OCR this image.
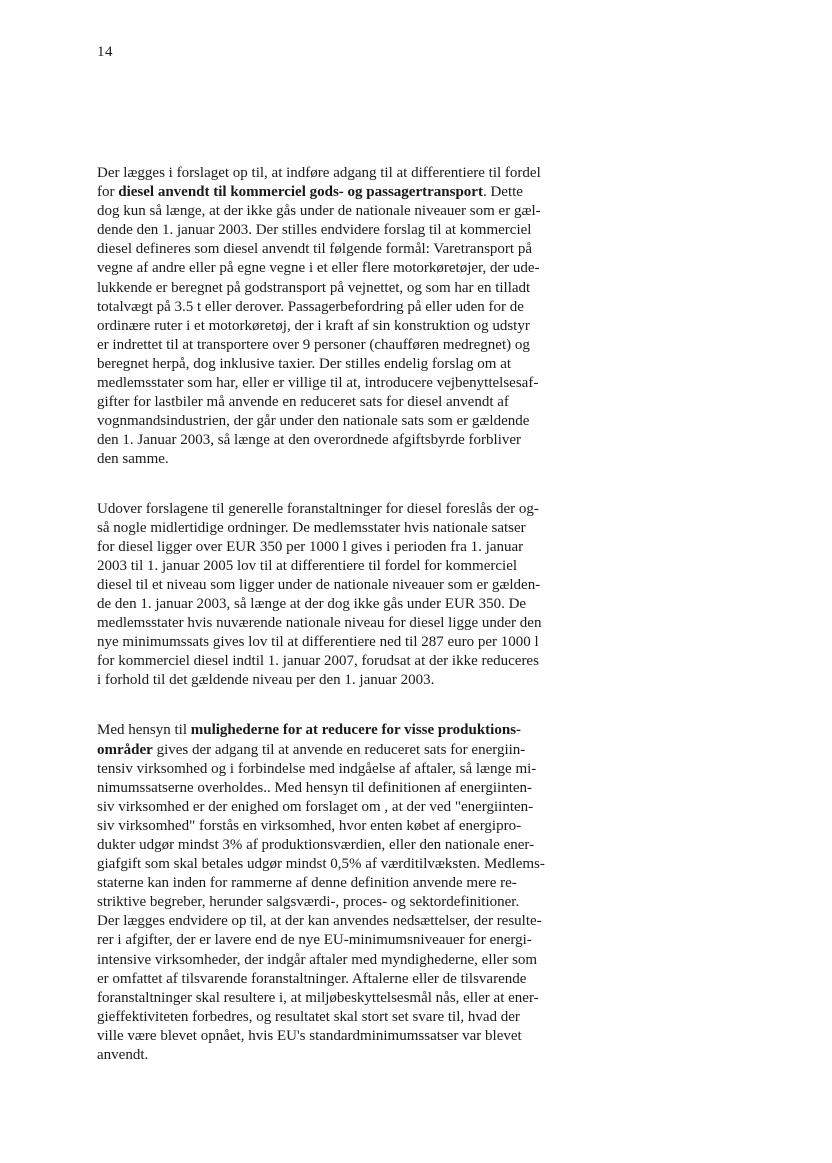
14
Der lægges i forslaget op til, at indføre adgang til at differentiere til fordel
for diesel anvendt til kommerciel gods- og passagertransport. Dette
dog kun så længe, at der ikke gås under de nationale niveauer som er gæl-
dende den 1. januar 2003. Der stilles endvidere forslag til at kommerciel
diesel defineres som diesel anvendt til følgende formål: Varetransport på
vegne af andre eller på egne vegne i et eller flere motorkøretøjer, der ude-
lukkende er beregnet på godstransport på vejnettet, og som har en tilladt
totalvægt på 3.5 t eller derover. Passagerbefordring på eller uden for de
ordinære ruter i et motorkøretøj, der i kraft af sin konstruktion og udstyr
er indrettet til at transportere over 9 personer (chaufføren medregnet) og
beregnet herpå, dog inklusive taxier. Der stilles endelig forslag om at
medlemsstater som har, eller er villige til at, introducere vejbenyttelsesaf-
gifter for lastbiler må anvende en reduceret sats for diesel anvendt af
vognmandsindustrien, der går under den nationale sats som er gældende
den 1. Januar 2003, så længe at den overordnede afgiftsbyrde forbliver
den samme.
Udover forslagene til generelle foranstaltninger for diesel foreslås der og-
så nogle midlertidige ordninger. De medlemsstater hvis nationale satser
for diesel ligger over EUR 350 per 1000 l gives i perioden fra 1. januar
2003 til 1. januar 2005 lov til at differentiere til fordel for kommerciel
diesel til et niveau som ligger under de nationale niveauer som er gælden-
de den 1. januar 2003, så længe at der dog ikke gås under EUR 350. De
medlemsstater hvis nuværende nationale niveau for diesel ligge under den
nye minimumssats gives lov til at differentiere ned til 287 euro per 1000 l
for kommerciel diesel indtil 1. januar 2007, forudsat at der ikke reduceres
i forhold til det gældende niveau per den 1. januar 2003.
Med hensyn til mulighederne for at reducere for visse produktions-
områder gives der adgang til at anvende en reduceret sats for energiin-
tensiv virksomhed og i forbindelse med indgåelse af aftaler, så længe mi-
nimumssatserne overholdes.. Med hensyn til definitionen af energiinten-
siv virksomhed er der enighed om forslaget om , at der ved "energiinten-
siv virksomhed" forstås en virksomhed, hvor enten købet af energipro-
dukter udgør mindst 3% af produktionsværdien, eller den nationale ener-
giafgift som skal betales udgør mindst 0,5% af værditilvæksten. Medlems-
staterne kan inden for rammerne af denne definition anvende mere re-
striktive begreber, herunder salgsværdi-, proces- og sektordefinitioner.
Der lægges endvidere op til, at der kan anvendes nedsættelser, der resulte-
rer i afgifter, der er lavere end de nye EU-minimumsniveauer for energi-
intensive virksomheder, der indgår aftaler med myndighederne, eller som
er omfattet af tilsvarende foranstaltninger. Aftalerne eller de tilsvarende
foranstaltninger skal resultere i, at miljøbeskyttelsesmål nås, eller at ener-
gieffektiviteten forbedres, og resultatet skal stort set svare til, hvad der
ville være blevet opnået, hvis EU's standardminimumssatser var blevet
anvendt.
